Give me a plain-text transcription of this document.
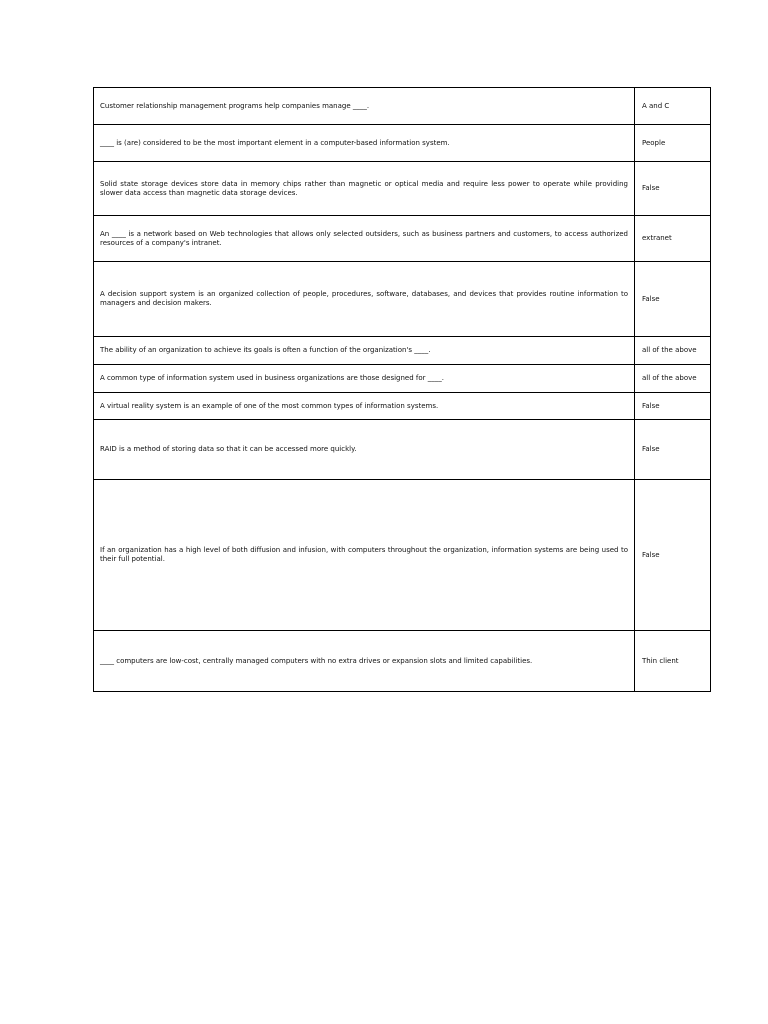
Customer relationship management programs help companies manage ____.	A and C

____ is (are) considered to be the most important element in a computer-based information system.	People

Solid state storage devices store data in memory chips rather than magnetic or optical media and require less power to operate while providing slower data access than magnetic data storage devices.	False

An ____ is a network based on Web technologies that allows only selected outsiders, such as business partners and customers, to access authorized resources of a company's intranet.	extranet

A decision support system is an organized collection of people, procedures, software, databases, and devices that provides routine information to managers and decision makers.	False

The ability of an organization to achieve its goals is often a function of the organization's ____.	all of the above

A common type of information system used in business organizations are those designed for ____.	all of the above

A virtual reality system is an example of one of the most common types of information systems.	False

RAID is a method of storing data so that it can be accessed more quickly.	False

If an organization has a high level of both diffusion and infusion, with computers throughout the organization, information systems are being used to their full potential.	False

____ computers are low-cost, centrally managed computers with no extra drives or expansion slots and limited capabilities.	Thin client
